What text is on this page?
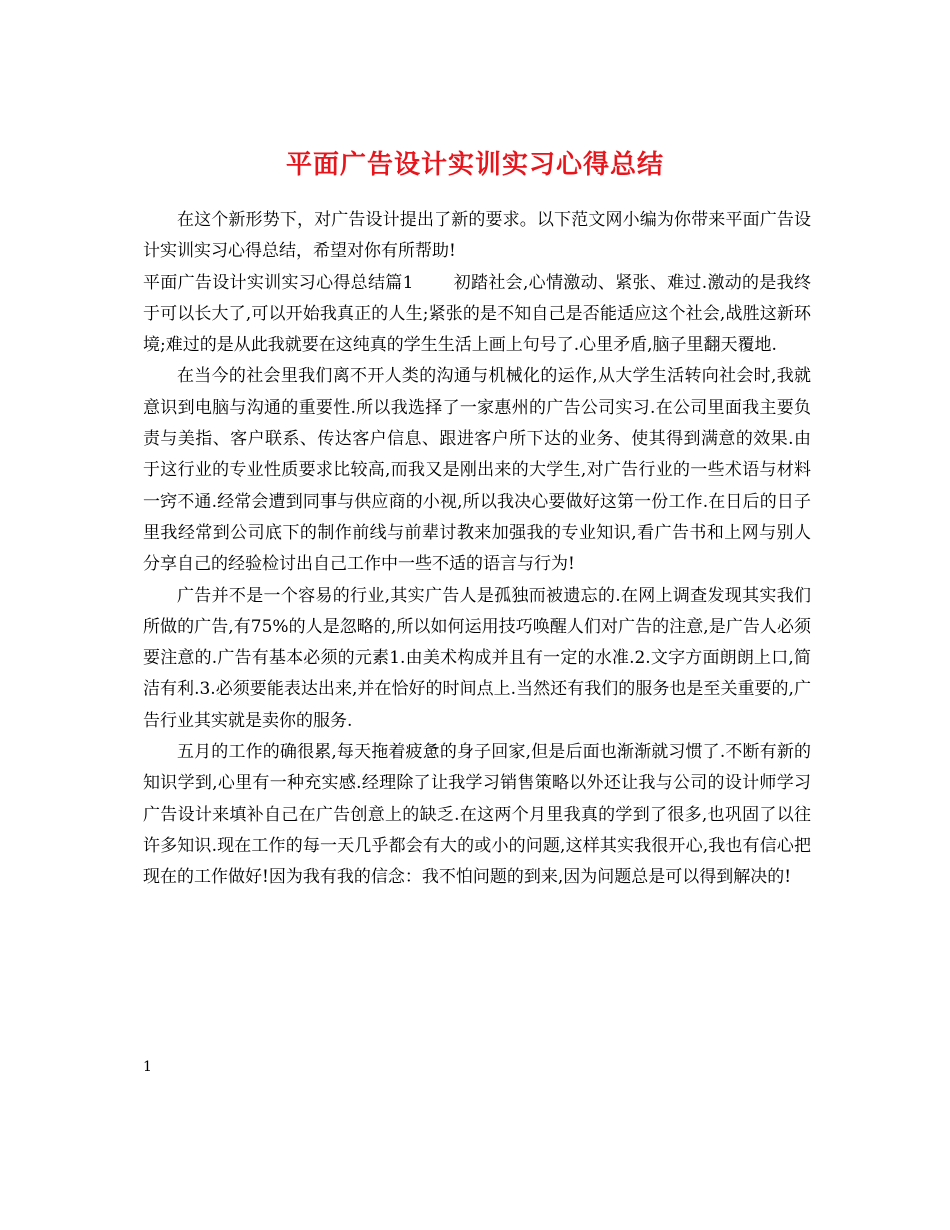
平面广告设计实训实习心得总结

在这个新形势下，对广告设计提出了新的要求。以下范文网小编为你带来平面广告设计实训实习心得总结，希望对你有所帮助!

平面广告设计实训实习心得总结篇1 初踏社会,心情激动、紧张、难过.激动的是我终于可以长大了,可以开始我真正的人生;紧张的是不知自己是否能适应这个社会,战胜这新环境;难过的是从此我就要在这纯真的学生生活上画上句号了.心里矛盾,脑子里翻天覆地.

在当今的社会里我们离不开人类的沟通与机械化的运作,从大学生活转向社会时,我就意识到电脑与沟通的重要性.所以我选择了一家惠州的广告公司实习.在公司里面我主要负责与美指、客户联系、传达客户信息、跟进客户所下达的业务、使其得到满意的效果.由于这行业的专业性质要求比较高,而我又是刚出来的大学生,对广告行业的一些术语与材料一窍不通.经常会遭到同事与供应商的小视,所以我决心要做好这第一份工作.在日后的日子里我经常到公司底下的制作前线与前辈讨教来加强我的专业知识,看广告书和上网与别人分享自己的经验检讨出自己工作中一些不适的语言与行为!

广告并不是一个容易的行业,其实广告人是孤独而被遗忘的.在网上调查发现其实我们所做的广告,有75%的人是忽略的,所以如何运用技巧唤醒人们对广告的注意,是广告人必须要注意的.广告有基本必须的元素1.由美术构成并且有一定的水准.2.文字方面朗朗上口,简洁有利.3.必须要能表达出来,并在恰好的时间点上.当然还有我们的服务也是至关重要的,广告行业其实就是卖你的服务.

五月的工作的确很累,每天拖着疲惫的身子回家,但是后面也渐渐就习惯了.不断有新的知识学到,心里有一种充实感.经理除了让我学习销售策略以外还让我与公司的设计师学习广告设计来填补自己在广告创意上的缺乏.在这两个月里我真的学到了很多,也巩固了以往许多知识.现在工作的每一天几乎都会有大的或小的问题,这样其实我很开心,我也有信心把现在的工作做好!因为我有我的信念：我不怕问题的到来,因为问题总是可以得到解决的!

1
